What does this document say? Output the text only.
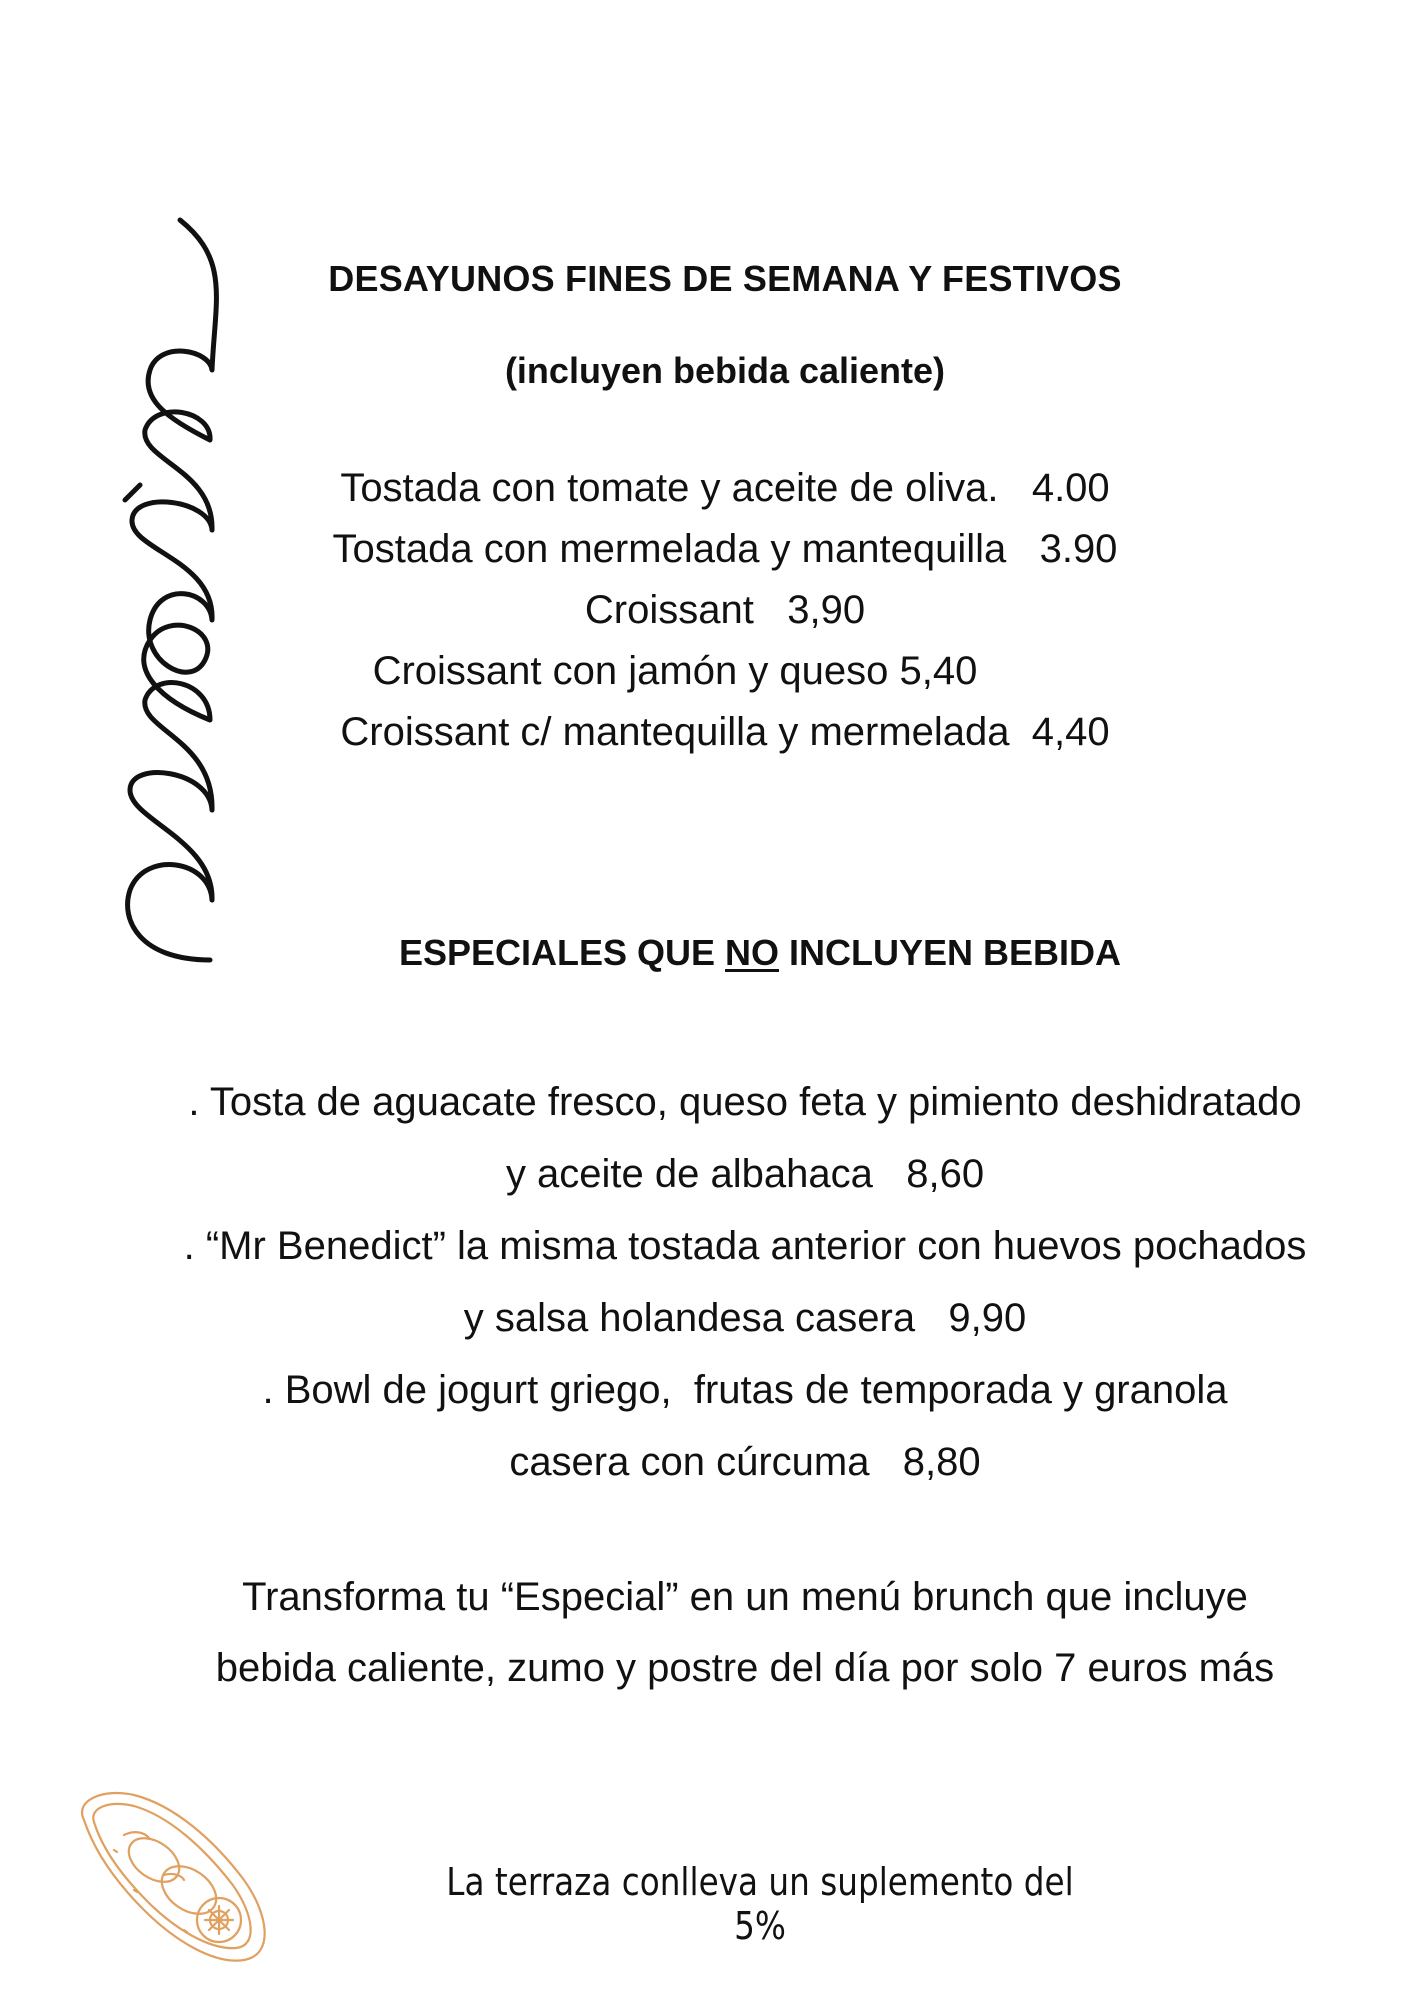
DESAYUNOS FINES DE SEMANA Y FESTIVOS
(incluyen bebida caliente)
Tostada con tomate y aceite de oliva.   4.00
Tostada con mermelada y mantequilla   3.90
Croissant   3,90
Croissant con jamón y queso 5,40
Croissant c/ mantequilla y mermelada  4,40
ESPECIALES QUE NO INCLUYEN BEBIDA
. Tosta de aguacate fresco, queso feta y pimiento deshidratado
y aceite de albahaca   8,60
. “Mr Benedict” la misma tostada anterior con huevos pochados
y salsa holandesa casera   9,90
. Bowl de jogurt griego,  frutas de temporada y granola
casera con cúrcuma   8,80
Transforma tu “Especial” en un menú brunch que incluye
bebida caliente, zumo y postre del día por solo 7 euros más
La terraza conlleva un suplemento del 5%
